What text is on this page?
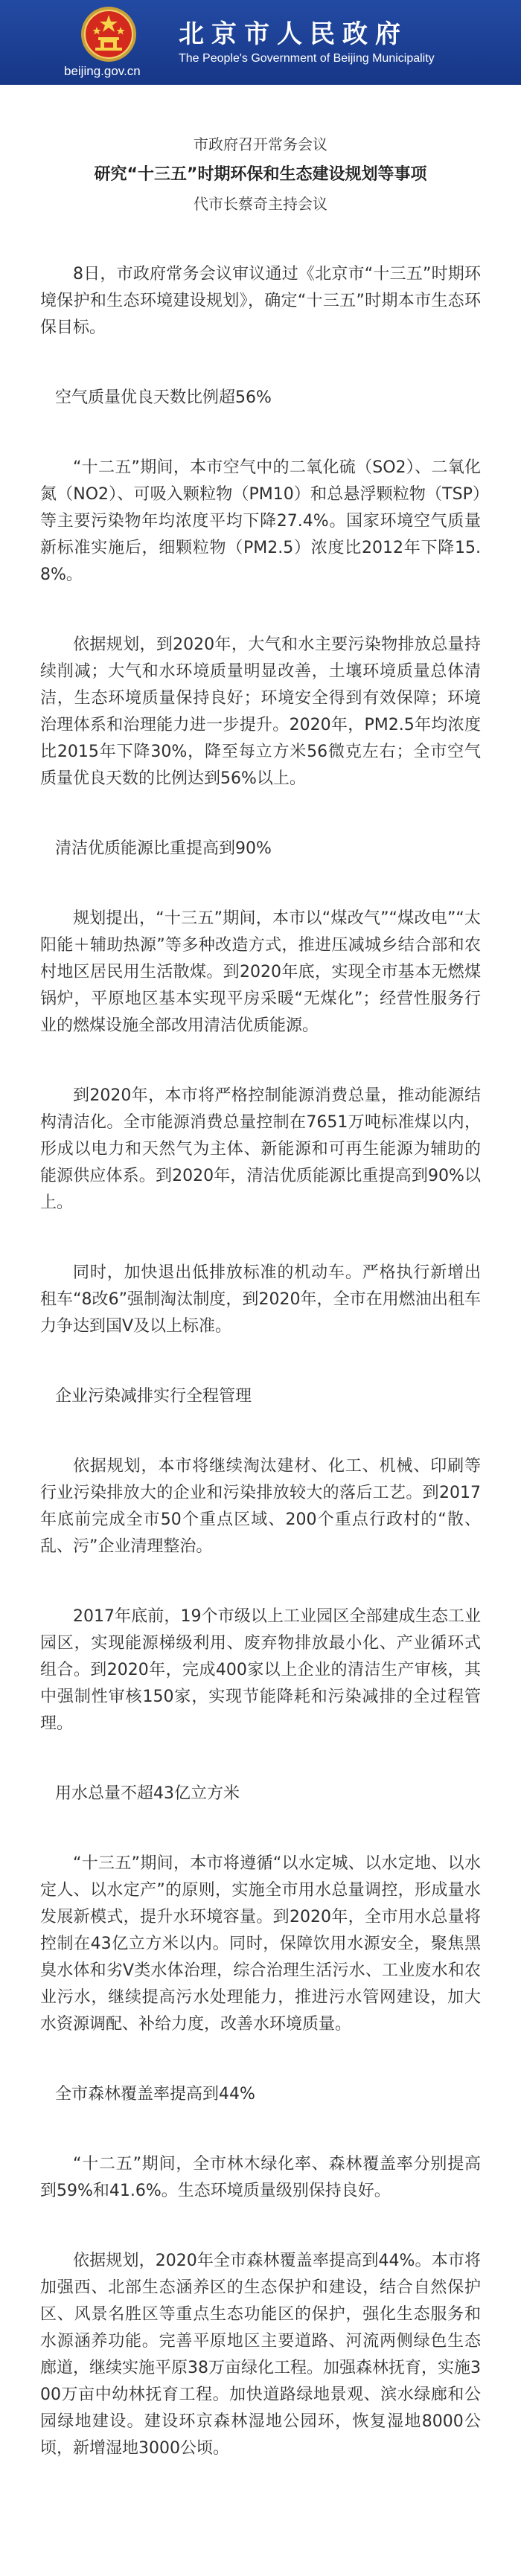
beijing.gov.cn
北京市人民政府
The People's Government of Beijing Municipality

市政府召开常务会议

研究“十三五”时期环保和生态建设规划等事项

代市长蔡奇主持会议

8日，市政府常务会议审议通过《北京市“十三五”时期环境保护和生态环境建设规划》，确定“十三五”时期本市生态环保目标。

空气质量优良天数比例超56%

“十二五”期间，本市空气中的二氧化硫（SO2）、二氧化氮（NO2）、可吸入颗粒物（PM10）和总悬浮颗粒物（TSP）等主要污染物年均浓度平均下降27.4%。国家环境空气质量新标准实施后，细颗粒物（PM2.5）浓度比2012年下降15.8%。

依据规划，到2020年，大气和水主要污染物排放总量持续削减；大气和水环境质量明显改善，土壤环境质量总体清洁，生态环境质量保持良好；环境安全得到有效保障；环境治理体系和治理能力进一步提升。2020年，PM2.5年均浓度比2015年下降30%，降至每立方米56微克左右；全市空气质量优良天数的比例达到56%以上。

清洁优质能源比重提高到90%

规划提出，“十三五”期间，本市以“煤改气”“煤改电”“太阳能＋辅助热源”等多种改造方式，推进压减城乡结合部和农村地区居民用生活散煤。到2020年底，实现全市基本无燃煤锅炉，平原地区基本实现平房采暖“无煤化”；经营性服务行业的燃煤设施全部改用清洁优质能源。

到2020年，本市将严格控制能源消费总量，推动能源结构清洁化。全市能源消费总量控制在7651万吨标准煤以内，形成以电力和天然气为主体、新能源和可再生能源为辅助的能源供应体系。到2020年，清洁优质能源比重提高到90%以上。

同时，加快退出低排放标准的机动车。严格执行新增出租车“8改6”强制淘汰制度，到2020年，全市在用燃油出租车力争达到国Ⅴ及以上标准。

企业污染减排实行全程管理

依据规划，本市将继续淘汰建材、化工、机械、印刷等行业污染排放大的企业和污染排放较大的落后工艺。到2017年底前完成全市50个重点区域、200个重点行政村的“散、乱、污”企业清理整治。

2017年底前，19个市级以上工业园区全部建成生态工业园区，实现能源梯级利用、废弃物排放最小化、产业循环式组合。到2020年，完成400家以上企业的清洁生产审核，其中强制性审核150家，实现节能降耗和污染减排的全过程管理。

用水总量不超43亿立方米

“十三五”期间，本市将遵循“以水定城、以水定地、以水定人、以水定产”的原则，实施全市用水总量调控，形成量水发展新模式，提升水环境容量。到2020年，全市用水总量将控制在43亿立方米以内。同时，保障饮用水源安全，聚焦黑臭水体和劣Ⅴ类水体治理，综合治理生活污水、工业废水和农业污水，继续提高污水处理能力，推进污水管网建设，加大水资源调配、补给力度，改善水环境质量。

全市森林覆盖率提高到44%

“十二五”期间，全市林木绿化率、森林覆盖率分别提高到59%和41.6%。生态环境质量级别保持良好。

依据规划，2020年全市森林覆盖率提高到44%。本市将加强西、北部生态涵养区的生态保护和建设，结合自然保护区、风景名胜区等重点生态功能区的保护，强化生态服务和水源涵养功能。完善平原地区主要道路、河流两侧绿色生态廊道，继续实施平原38万亩绿化工程。加强森林抚育，实施300万亩中幼林抚育工程。加快道路绿地景观、滨水绿廊和公园绿地建设。建设环京森林湿地公园环，恢复湿地8000公顷，新增湿地3000公顷。
